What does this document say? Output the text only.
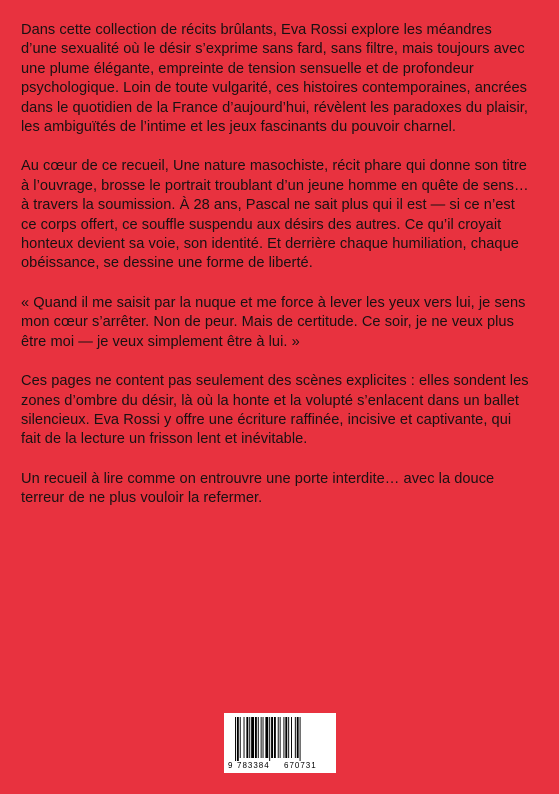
Dans cette collection de récits brûlants, Eva Rossi explore les méandres d’une sexualité où le désir s’exprime sans fard, sans filtre, mais toujours avec une plume élégante, empreinte de tension sensuelle et de profondeur psychologique. Loin de toute vulgarité, ces histoires contemporaines, ancrées dans le quotidien de la France d’aujourd’hui, révèlent les paradoxes du plaisir, les ambiguïtés de l’intime et les jeux fascinants du pouvoir charnel.

Au cœur de ce recueil, Une nature masochiste, récit phare qui donne son titre à l’ouvrage, brosse le portrait troublant d’un jeune homme en quête de sens… à travers la soumission. À 28 ans, Pascal ne sait plus qui il est — si ce n’est ce corps offert, ce souffle suspendu aux désirs des autres. Ce qu’il croyait honteux devient sa voie, son identité. Et derrière chaque humiliation, chaque obéissance, se dessine une forme de liberté.

« Quand il me saisit par la nuque et me force à lever les yeux vers lui, je sens mon cœur s’arrêter. Non de peur. Mais de certitude. Ce soir, je ne veux plus être moi — je veux simplement être à lui. »

Ces pages ne content pas seulement des scènes explicites : elles sondent les zones d’ombre du désir, là où la honte et la volupté s’enlacent dans un ballet silencieux. Eva Rossi y offre une écriture raffinée, incisive et captivante, qui fait de la lecture un frisson lent et inévitable.

Un recueil à lire comme on entrouvre une porte interdite… avec la douce terreur de ne plus vouloir la refermer.

9 783384 670731
